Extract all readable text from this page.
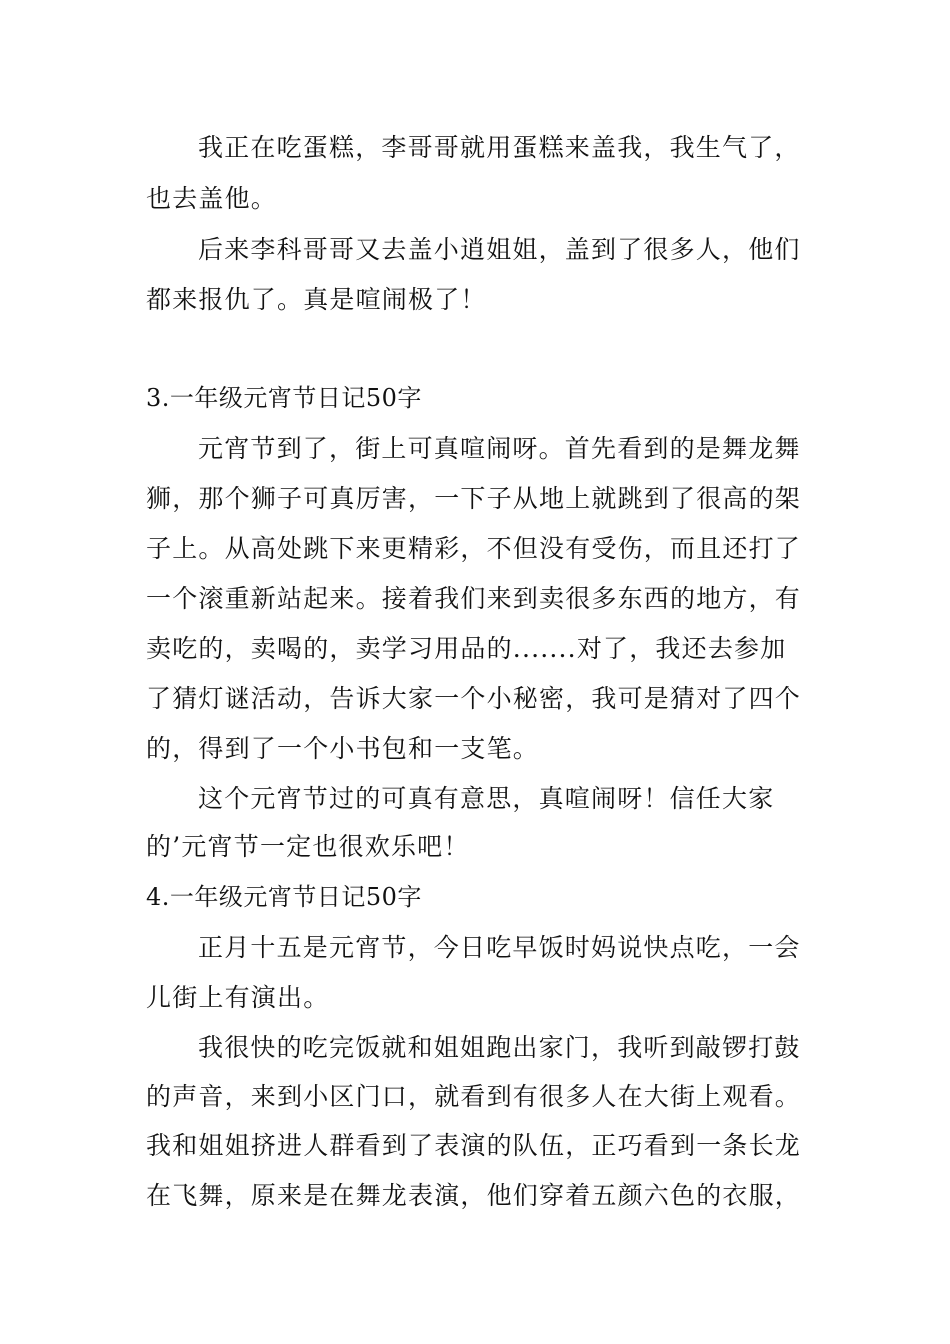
我正在吃蛋糕，李哥哥就用蛋糕来盖我，我生气了，
也去盖他。
后来李科哥哥又去盖小逍姐姐，盖到了很多人，他们
都来报仇了。真是喧闹极了！
3.一年级元宵节日记50字
元宵节到了，街上可真喧闹呀。首先看到的是舞龙舞
狮，那个狮子可真厉害，一下子从地上就跳到了很高的架
子上。从高处跳下来更精彩，不但没有受伤，而且还打了
一个滚重新站起来。接着我们来到卖很多东西的地方，有
卖吃的，卖喝的，卖学习用品的.......对了，我还去参加
了猜灯谜活动，告诉大家一个小秘密，我可是猜对了四个
的，得到了一个小书包和一支笔。
这个元宵节过的可真有意思，真喧闹呀！信任大家
的’元宵节一定也很欢乐吧！
4.一年级元宵节日记50字
正月十五是元宵节，今日吃早饭时妈说快点吃，一会
儿街上有演出。
我很快的吃完饭就和姐姐跑出家门，我听到敲锣打鼓
的声音，来到小区门口，就看到有很多人在大街上观看。
我和姐姐挤进人群看到了表演的队伍，正巧看到一条长龙
在飞舞，原来是在舞龙表演，他们穿着五颜六色的衣服，
